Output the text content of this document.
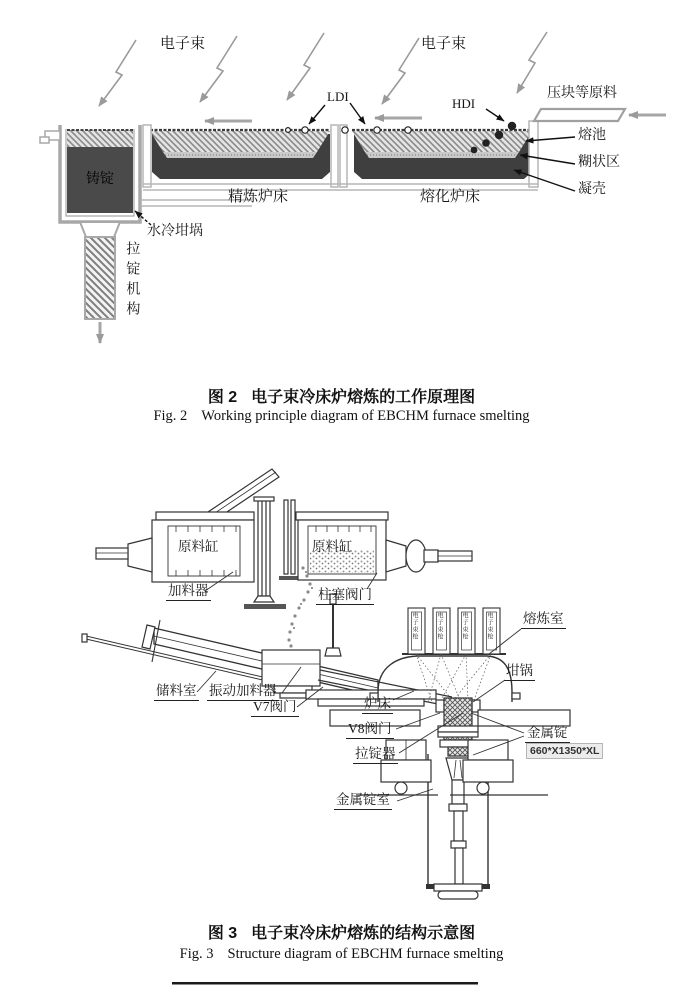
电子束	电子束
LDI	HDI
压块等原料
熔池
糊状区
凝壳
精炼炉床	熔化炉床
铸锭
水冷坩埚
拉锭机构
图 2 电子束冷床炉熔炼的工作原理图
Fig. 2 Working principle diagram of EBCHM furnace smelting
原料缸	原料缸
加料器	柱塞阀门
电子束枪	电子束枪	电子束枪	电子束枪 熔炼室
坩锅
储料室 振动加料器
V7阀门	炉床
V8阀门
拉锭器
金属锭
660*X1350*XL
金属锭室
图 3 电子束冷床炉熔炼的结构示意图
Fig. 3 Structure diagram of EBCHM furnace smelting
